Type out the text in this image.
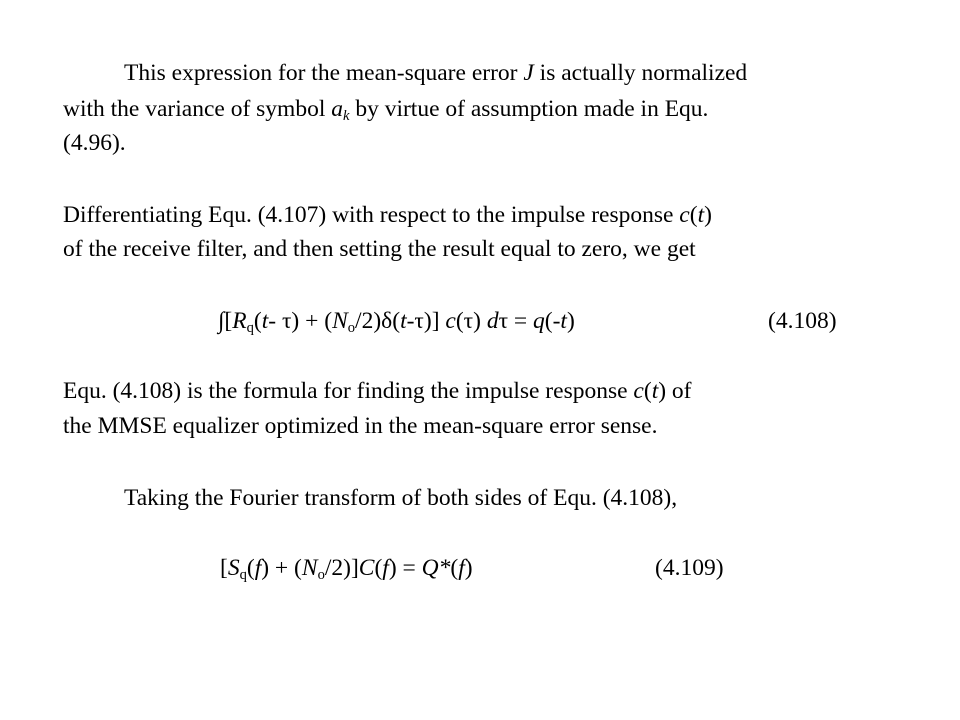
This expression for the mean-square error J is actually normalized
with the variance of symbol $a_k$ by virtue of assumption made in Equ.
(4.96).
Differentiating Equ. (4.107) with respect to the impulse response c(t)
of the receive filter, and then setting the result equal to zero, we get
$\int[R_q(t-$ $\tau) + (N_o/2)\delta(t-\tau)$] c(τ) dτ = q(-t)	(4.108)
Equ. (4.108) is the formula for finding the impulse response c(t) of
the MMSE equalizer optimized in the mean-square error sense.
Taking the Fourier transform of both sides of Equ. (4.108),
$[S_q(f) + (N_o/2)]C(f) = Q*(f)$	(4.109)
